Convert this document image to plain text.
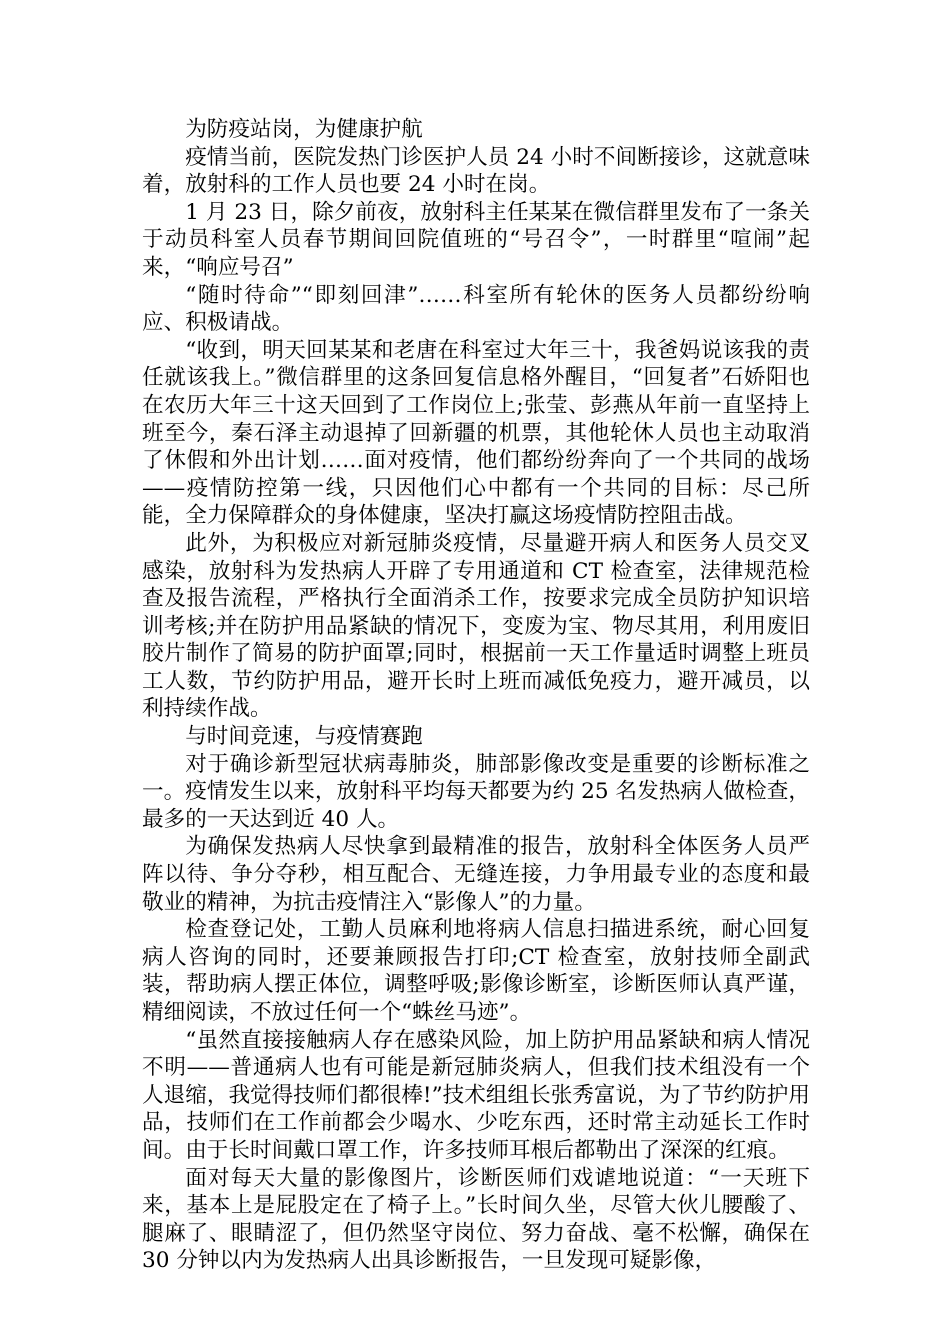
为防疫站岗，为健康护航

疫情当前，医院发热门诊医护人员 24 小时不间断接诊，这就意味着，放射科的工作人员也要 24 小时在岗。

1 月 23 日，除夕前夜，放射科主任某某在微信群里发布了一条关于动员科室人员春节期间回院值班的“号召令”，一时群里“喧闹”起来，“响应号召”

“随时待命”“即刻回津”……科室所有轮休的医务人员都纷纷响应、积极请战。

“收到，明天回某某和老唐在科室过大年三十，我爸妈说该我的责任就该我上。”微信群里的这条回复信息格外醒目，“回复者”石娇阳也在农历大年三十这天回到了工作岗位上;张莹、彭燕从年前一直坚持上班至今，秦石泽主动退掉了回新疆的机票，其他轮休人员也主动取消了休假和外出计划……面对疫情，他们都纷纷奔向了一个共同的战场——疫情防控第一线，只因他们心中都有一个共同的目标：尽己所能，全力保障群众的身体健康，坚决打赢这场疫情防控阻击战。

此外，为积极应对新冠肺炎疫情，尽量避开病人和医务人员交叉感染，放射科为发热病人开辟了专用通道和 CT 检查室，法律规范检查及报告流程，严格执行全面消杀工作，按要求完成全员防护知识培训考核;并在防护用品紧缺的情况下，变废为宝、物尽其用，利用废旧胶片制作了简易的防护面罩;同时，根据前一天工作量适时调整上班员工人数，节约防护用品，避开长时上班而减低免疫力，避开减员，以利持续作战。

与时间竞速，与疫情赛跑

对于确诊新型冠状病毒肺炎，肺部影像改变是重要的诊断标准之一。疫情发生以来，放射科平均每天都要为约 25 名发热病人做检查，最多的一天达到近 40 人。

为确保发热病人尽快拿到最精准的报告，放射科全体医务人员严阵以待、争分夺秒，相互配合、无缝连接，力争用最专业的态度和最敬业的精神，为抗击疫情注入“影像人”的力量。

检查登记处，工勤人员麻利地将病人信息扫描进系统，耐心回复病人咨询的同时，还要兼顾报告打印;CT 检查室，放射技师全副武装，帮助病人摆正体位，调整呼吸;影像诊断室，诊断医师认真严谨，精细阅读，不放过任何一个“蛛丝马迹”。

“虽然直接接触病人存在感染风险，加上防护用品紧缺和病人情况不明——普通病人也有可能是新冠肺炎病人，但我们技术组没有一个人退缩，我觉得技师们都很棒!”技术组组长张秀富说，为了节约防护用品，技师们在工作前都会少喝水、少吃东西，还时常主动延长工作时间。由于长时间戴口罩工作，许多技师耳根后都勒出了深深的红痕。

面对每天大量的影像图片，诊断医师们戏谑地说道：“一天班下来，基本上是屁股定在了椅子上。”长时间久坐，尽管大伙儿腰酸了、腿麻了、眼睛涩了，但仍然坚守岗位、努力奋战、毫不松懈，确保在 30 分钟以内为发热病人出具诊断报告，一旦发现可疑影像，
